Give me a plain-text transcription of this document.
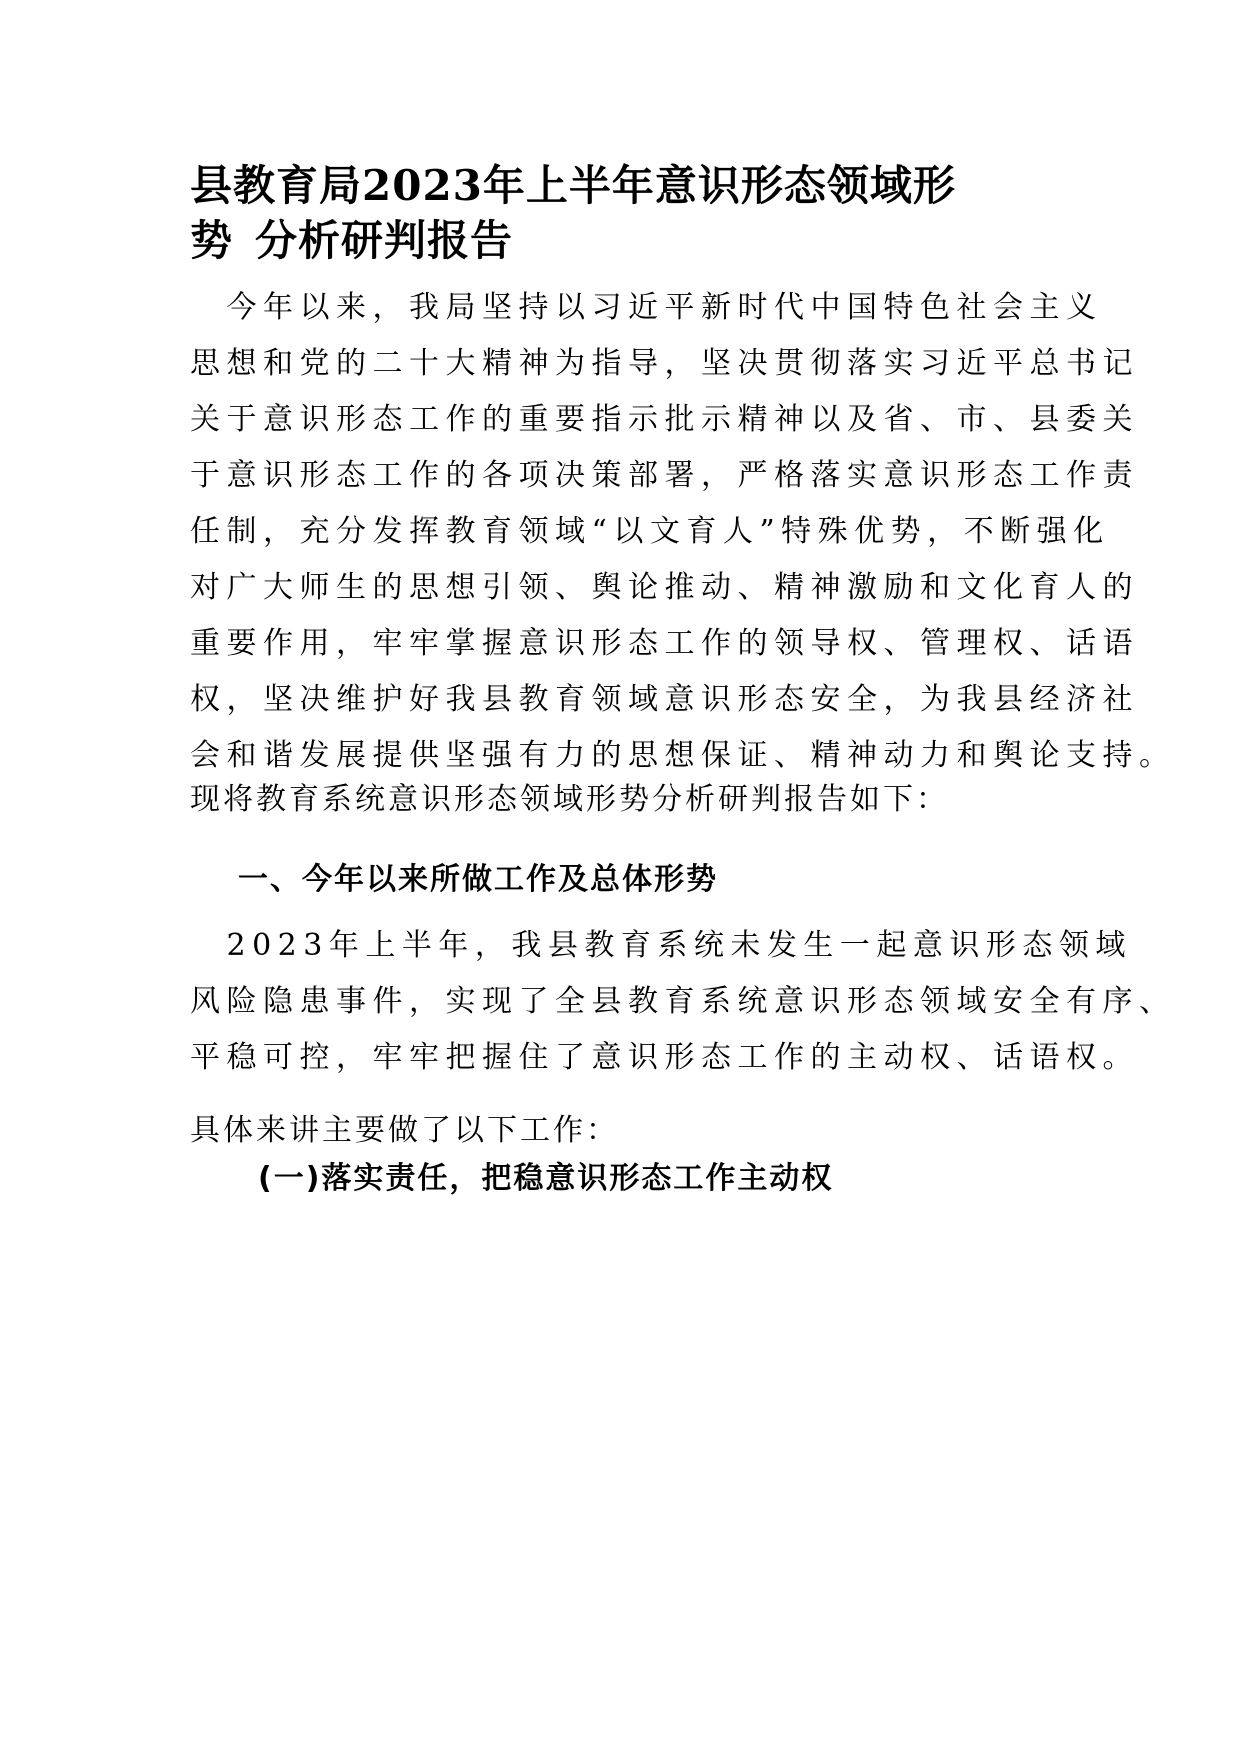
县教育局2023年上半年意识形态领域形
势 分析研判报告
　今年以来，我局坚持以习近平新时代中国特色社会主义
思想和党的二十大精神为指导，坚决贯彻落实习近平总书记
关于意识形态工作的重要指示批示精神以及省、市、县委关
于意识形态工作的各项决策部署，严格落实意识形态工作责
任制，充分发挥教育领域“以文育人”特殊优势，不断强化
对广大师生的思想引领、舆论推动、精神激励和文化育人的
重要作用，牢牢掌握意识形态工作的领导权、管理权、话语
权，坚决维护好我县教育领域意识形态安全，为我县经济社
会和谐发展提供坚强有力的思想保证、精神动力和舆论支持。

现将教育系统意识形态领域形势分析研判报告如下：

一、今年以来所做工作及总体形势
　2023年上半年，我县教育系统未发生一起意识形态领域
风险隐患事件，实现了全县教育系统意识形态领域安全有序、
平稳可控，牢牢把握住了意识形态工作的主动权、话语权。

具体来讲主要做了以下工作：

(一)落实责任，把稳意识形态工作主动权
